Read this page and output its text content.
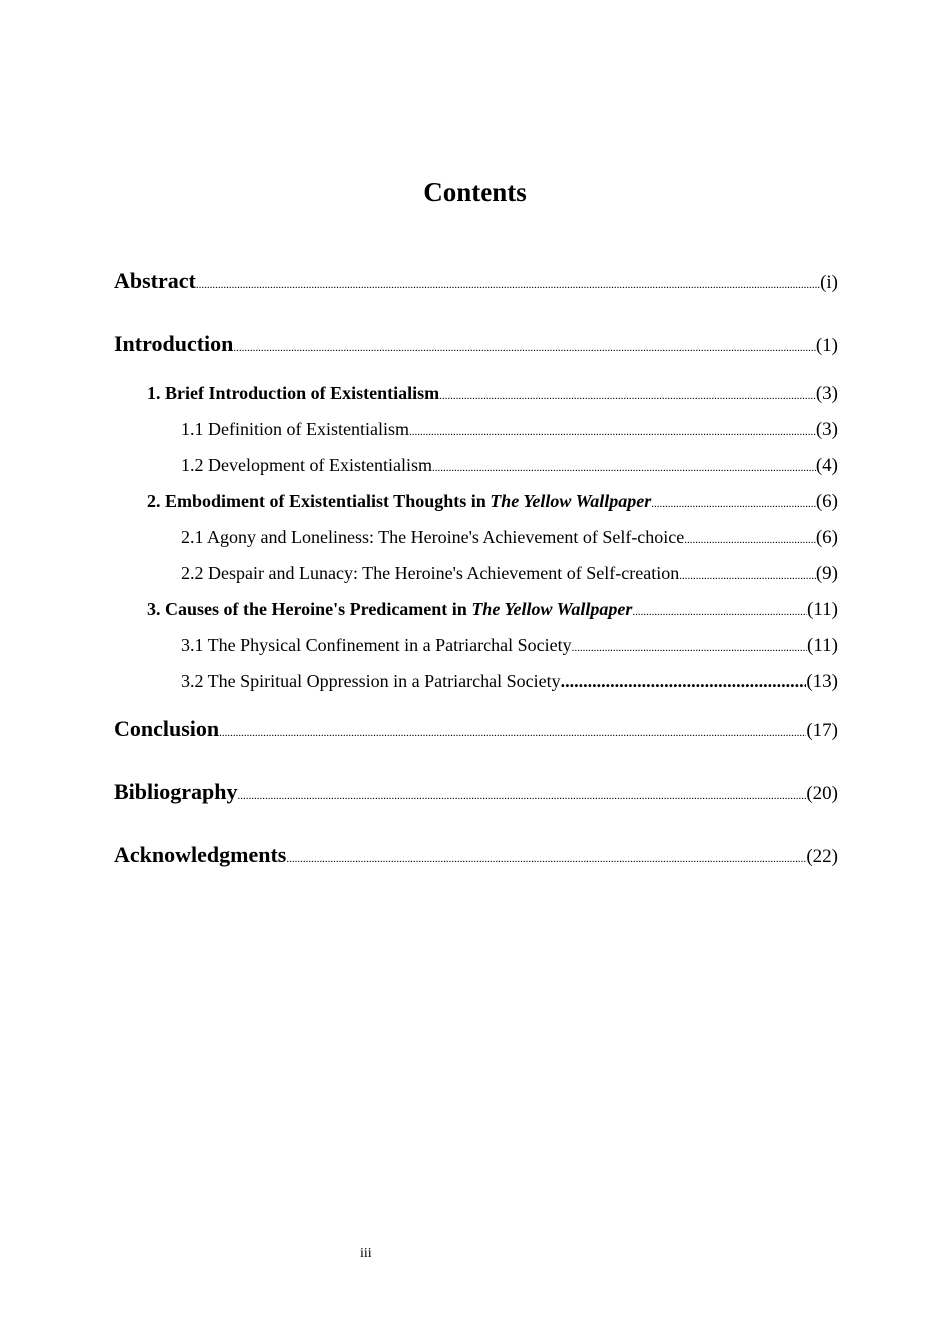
Contents
Abstract .....	(i)
Introduction .....	(1)
1. Brief Introduction of Existentialism .....	(3)
1.1 Definition of Existentialism .....	(3)
1.2 Development of Existentialism .....	(4)
2. Embodiment of Existentialist Thoughts in The Yellow Wallpaper .....	(6)
2.1 Agony and Loneliness: The Heroine's Achievement of Self-choice .....	(6)
2.2 Despair and Lunacy: The Heroine's Achievement of Self-creation .....	(9)
3. Causes of the Heroine's Predicament in The Yellow Wallpaper .....	(11)
3.1 The Physical Confinement in a Patriarchal Society .....	(11)
3.2 The Spiritual Oppression in a Patriarchal Society .....	(13)
Conclusion .....	(17)
Bibliography .....	(20)
Acknowledgments .....	(22)
iii
